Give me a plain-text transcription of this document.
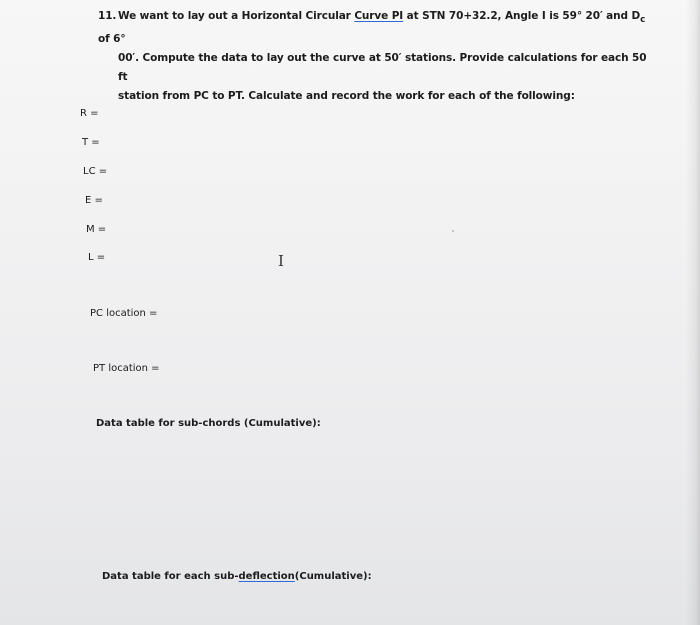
11. We want to lay out a Horizontal Circular Curve PI at STN 70+32.2, Angle I is 59° 20′ and $D_c$ of 6°
00′. Compute the data to lay out the curve at 50′ stations. Provide calculations for each 50 ft
station from PC to PT. Calculate and record the work for each of the following:
R =
T =
LC =
E =
M =
L =	I
PC location =
PT location =
Data table for sub-chords (Cumulative):
Data table for each sub-deflection(Cumulative):
